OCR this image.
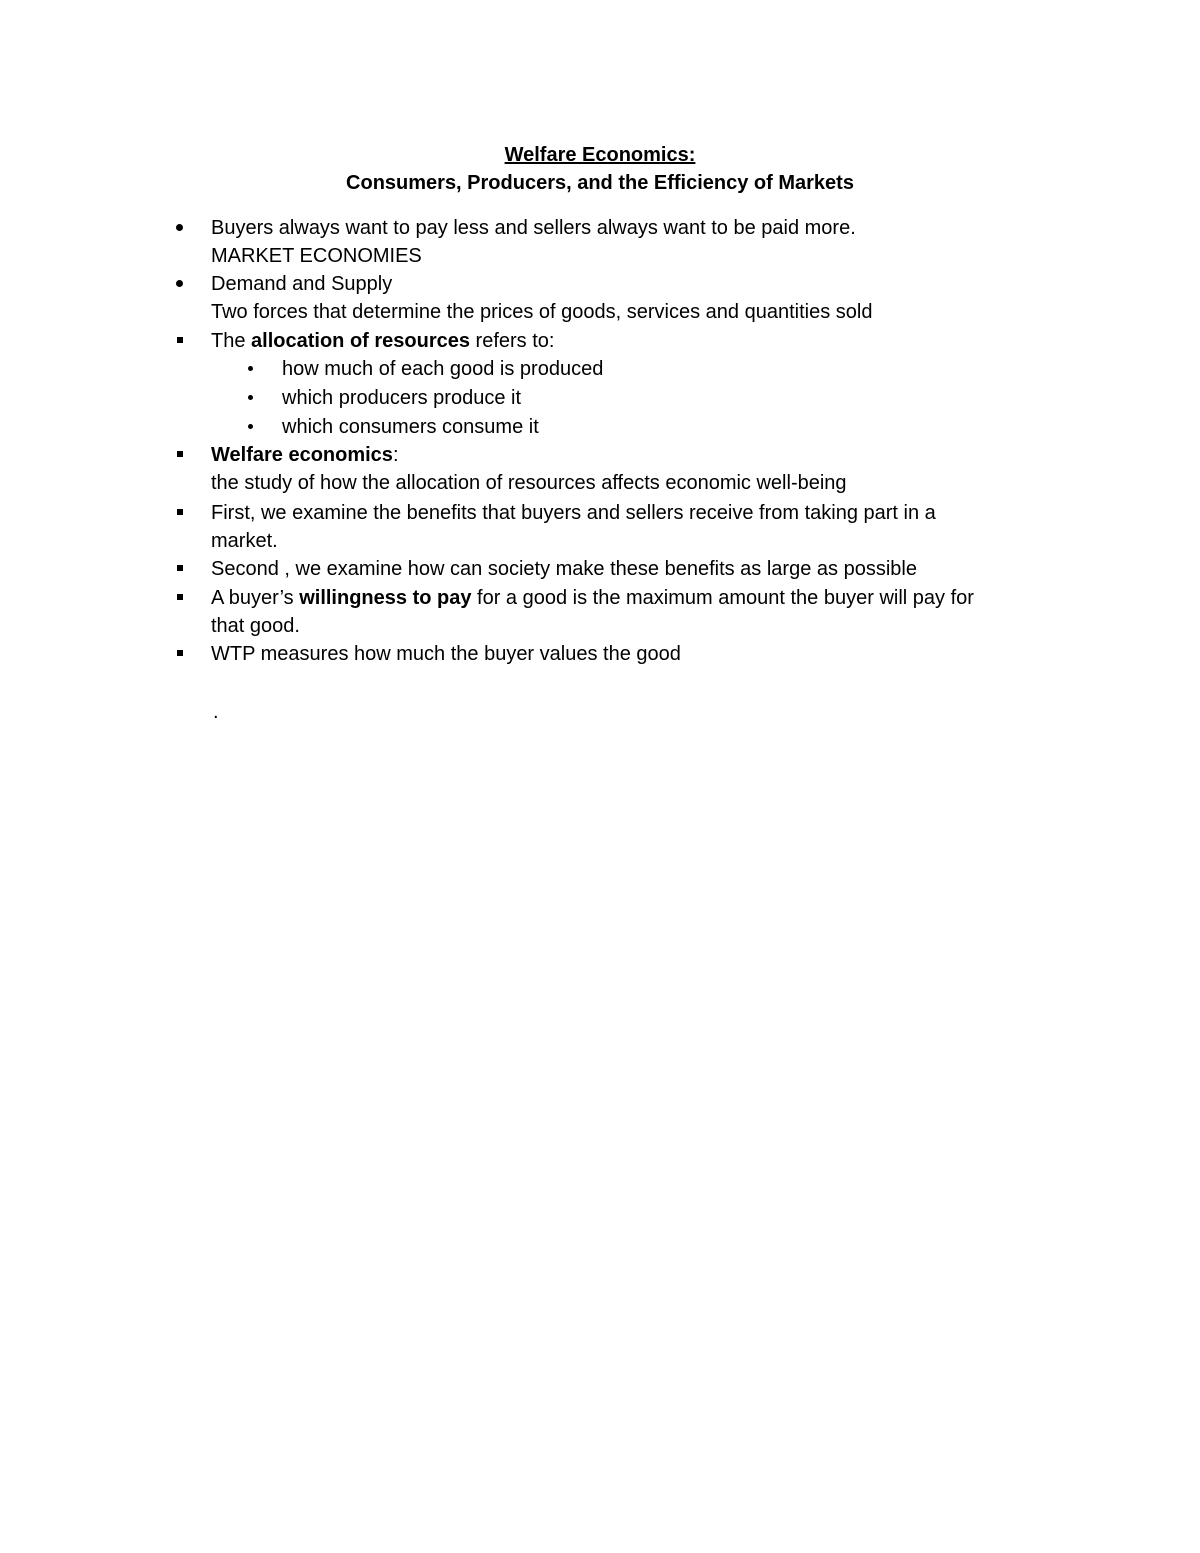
Welfare Economics:
Consumers, Producers, and the Efficiency of Markets
Buyers always want to pay less and sellers always want to be paid more.
MARKET ECONOMIES
Demand and Supply
Two forces that determine the prices of goods, services and quantities sold
The allocation of resources refers to:
how much of each good is produced
which producers produce it
which consumers consume it
Welfare economics:
the study of how the allocation of resources affects economic well-being
First, we examine the benefits that buyers and sellers receive from taking part in a
market.
Second , we examine how can society make these benefits as large as possible
A buyer’s willingness to pay for a good is the maximum amount the buyer will pay for
that good.
WTP measures how much the buyer values the good
.
